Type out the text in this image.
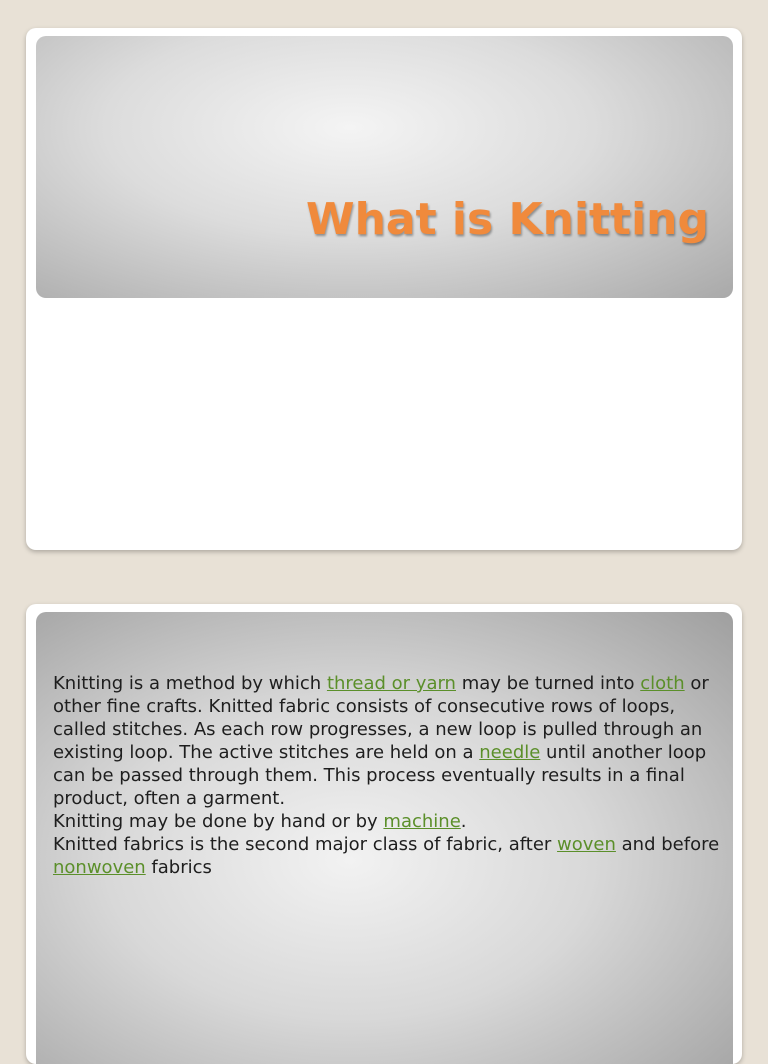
What is Knitting

Knitting is a method by which thread or yarn may be turned into cloth or other fine crafts. Knitted fabric consists of consecutive rows of loops, called stitches. As each row progresses, a new loop is pulled through an existing loop. The active stitches are held on a needle until another loop can be passed through them. This process eventually results in a final product, often a garment.
Knitting may be done by hand or by machine.
Knitted fabrics is the second major class of fabric, after woven and before nonwoven fabrics
